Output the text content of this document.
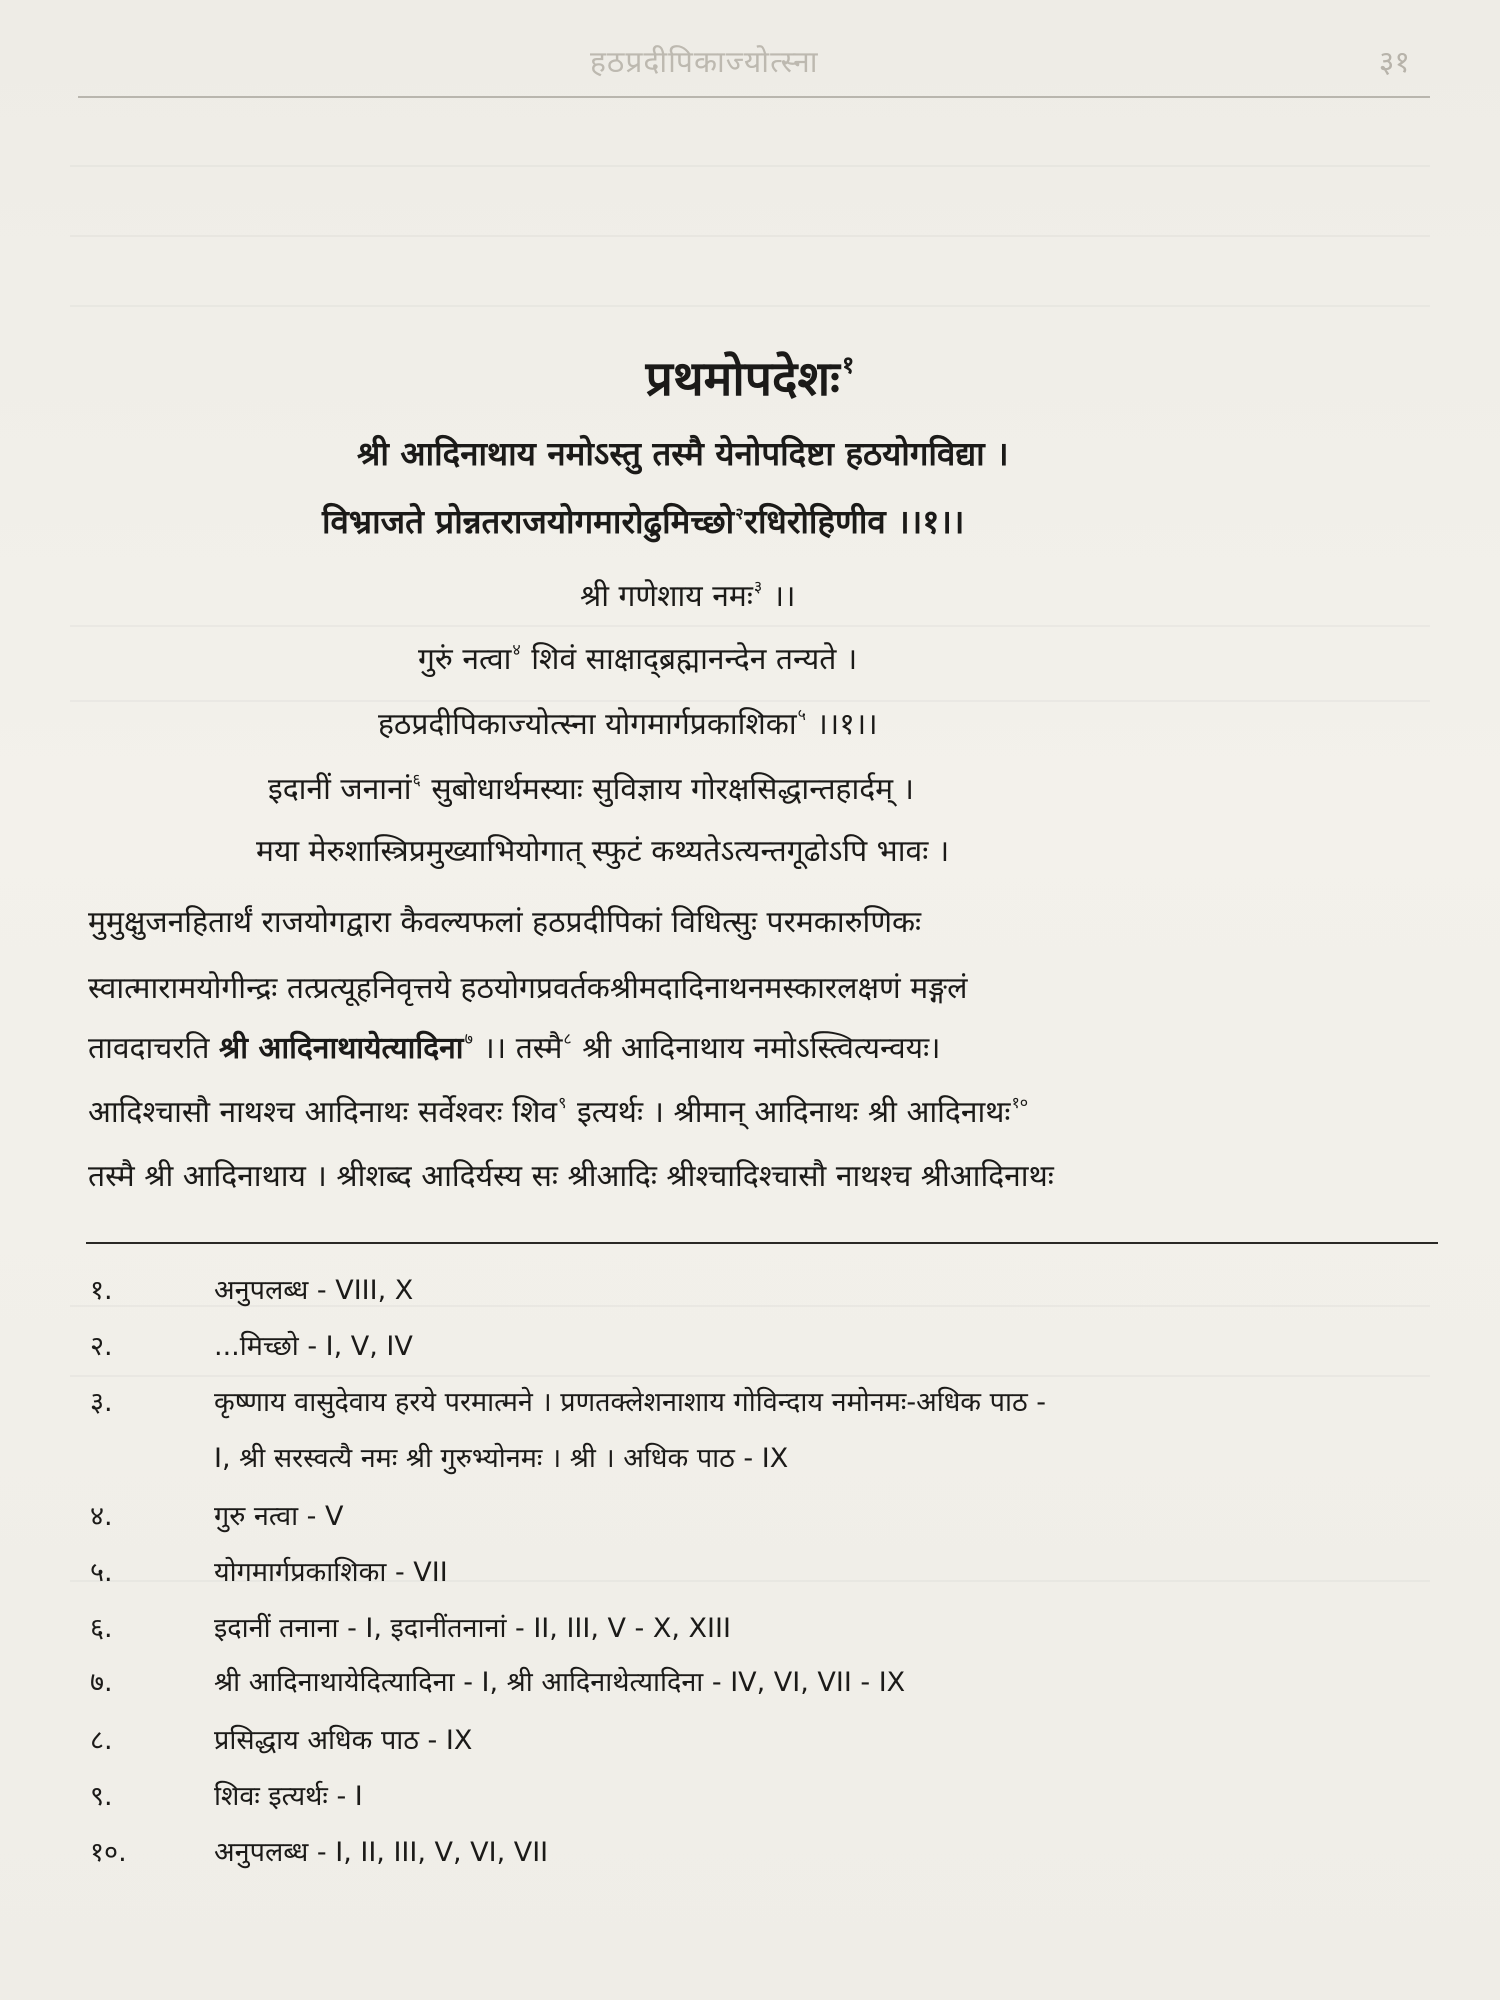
हठप्रदीपिकाज्योत्स्ना	३१
प्रथमोपदेशः$^१$
श्री आदिनाथाय नमोऽस्तु तस्मै येनोपदिष्टा हठयोगविद्या ।
विभ्राजते प्रोन्नतराजयोगमारोढुमिच्छो$^२$रधिरोहिणीव ।।१।।
श्री गणेशाय नमः$^३$ ।।
गुरुं नत्वा$^४$ शिवं साक्षाद्ब्रह्मानन्देन तन्यते ।
हठप्रदीपिकाज्योत्स्ना योगमार्गप्रकाशिका$^५$ ।।१।।
इदानीं जनानां$^६$ सुबोधार्थमस्याः सुविज्ञाय गोरक्षसिद्धान्तहार्दम् ।
मया मेरुशास्त्रिप्रमुख्याभियोगात् स्फुटं कथ्यतेऽत्यन्तगूढोऽपि भावः ।
मुमुक्षुजनहितार्थं राजयोगद्वारा कैवल्यफलां हठप्रदीपिकां विधित्सुः परमकारुणिकः
स्वात्मारामयोगीन्द्रः तत्प्रत्यूहनिवृत्तये हठयोगप्रवर्तकश्रीमदादिनाथनमस्कारलक्षणं मङ्गलं
तावदाचरति श्री आदिनाथायेत्यादिना$^७$ ।। तस्मै$^८$ श्री आदिनाथाय नमोऽस्त्वित्यन्वयः।
आदिश्चासौ नाथश्च आदिनाथः सर्वेश्वरः शिव$^९$ इत्यर्थः । श्रीमान् आदिनाथः श्री आदिनाथः$^{१०}$
तस्मै श्री आदिनाथाय । श्रीशब्द आदिर्यस्य सः श्रीआदिः श्रीश्चादिश्चासौ नाथश्च श्रीआदिनाथः
१.	अनुपलब्ध - VIII, X
२.	...मिच्छो - I, V, IV
३.	कृष्णाय वासुदेवाय हरये परमात्मने । प्रणतक्लेशनाशाय गोविन्दाय नमोनमः-अधिक पाठ -
I, श्री सरस्वत्यै नमः श्री गुरुभ्योनमः । श्री । अधिक पाठ - IX
४.	गुरु नत्वा - V
५.	योगमार्गप्रकाशिका - VII
६.	इदानीं तनाना - I, इदानींतनानां - II, III, V - X, XIII
७.	श्री आदिनाथायेदित्यादिना - I, श्री आदिनाथेत्यादिना - IV, VI, VII - IX
८.	प्रसिद्धाय अधिक पाठ - IX
९.	शिवः इत्यर्थः - I
१०.	अनुपलब्ध - I, II, III, V, VI, VII
